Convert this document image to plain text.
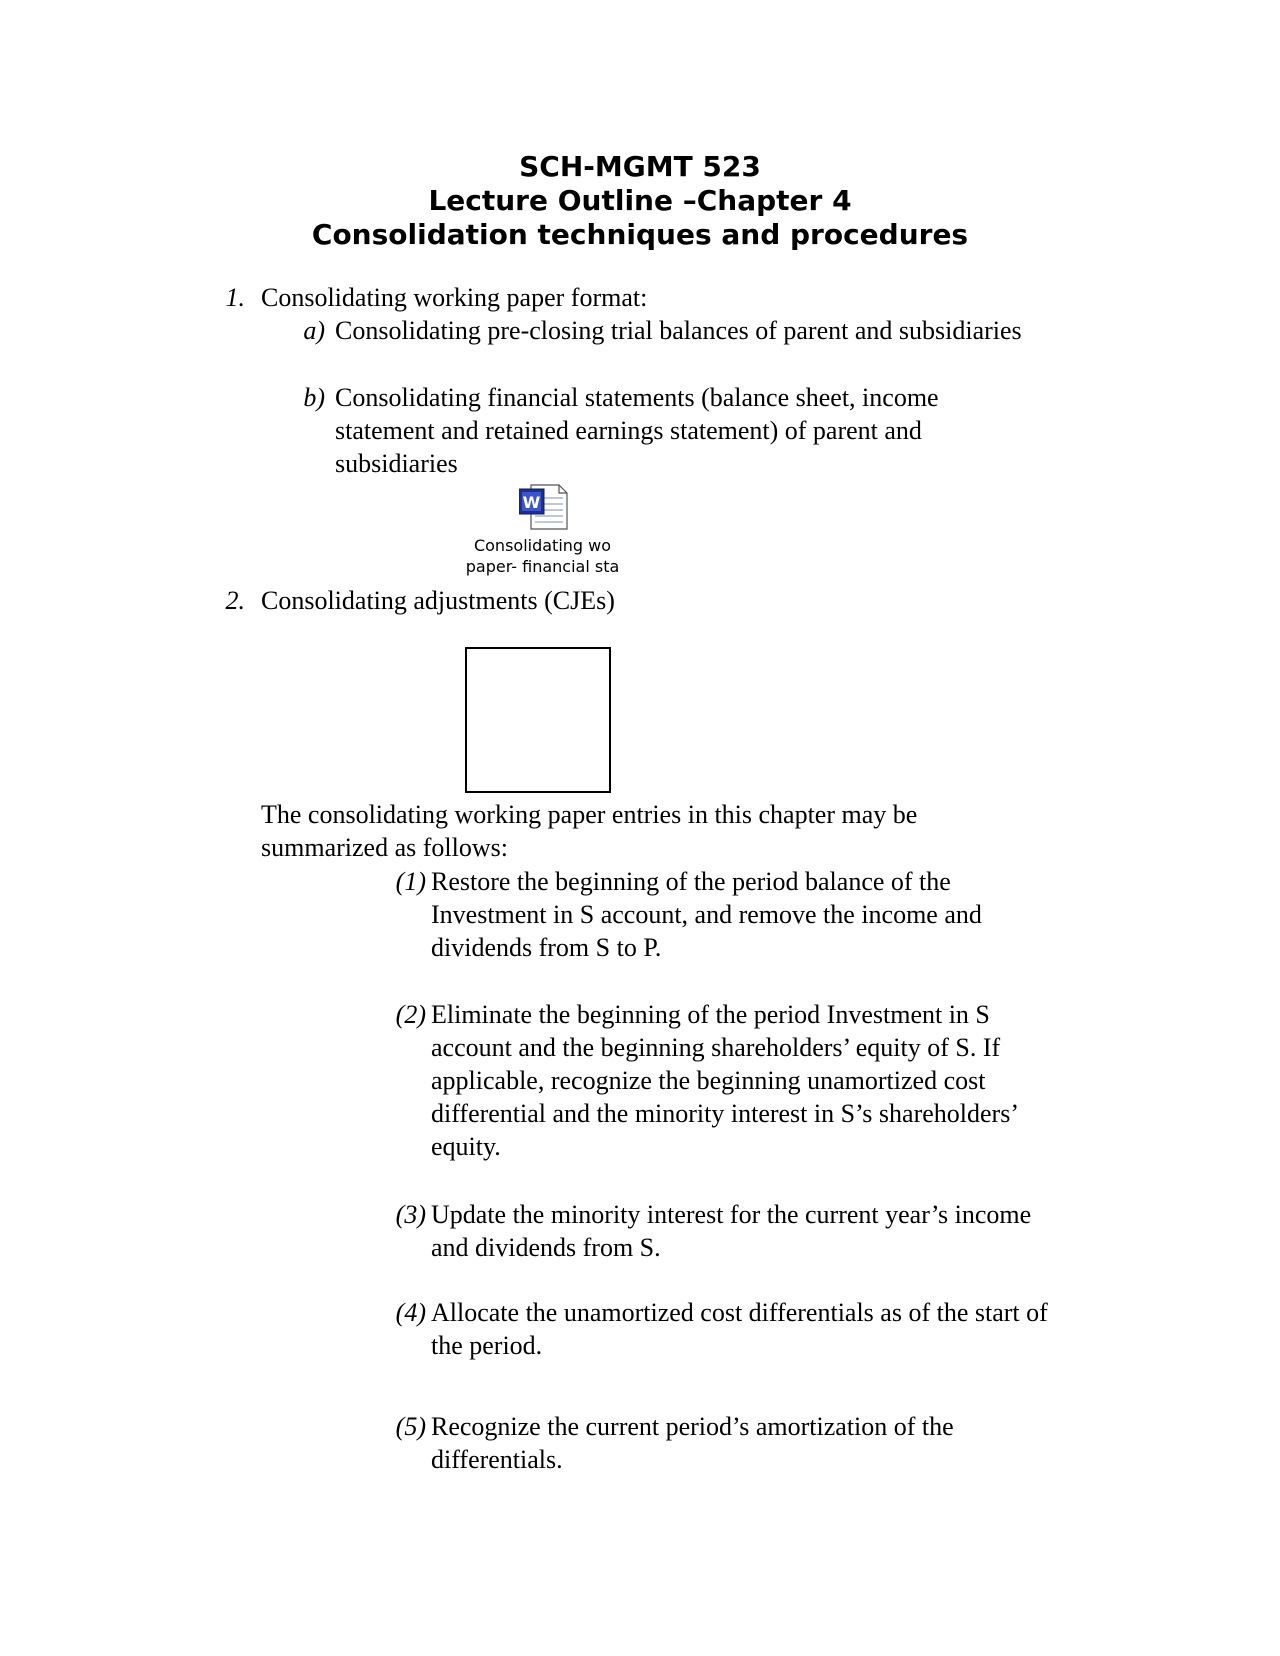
SCH-MGMT 523
Lecture Outline –Chapter 4
Consolidation techniques and procedures
1. Consolidating working paper format:
a) Consolidating pre-closing trial balances of parent and subsidiaries
b) Consolidating financial statements (balance sheet, income statement and retained earnings statement) of parent and subsidiaries
W
Consolidating wo
paper- financial sta
2. Consolidating adjustments (CJEs)
The consolidating working paper entries in this chapter may be summarized as follows:
(1) Restore the beginning of the period balance of the Investment in S account, and remove the income and dividends from S to P.
(2) Eliminate the beginning of the period Investment in S account and the beginning shareholders’ equity of S. If applicable, recognize the beginning unamortized cost differential and the minority interest in S’s shareholders’ equity.
(3) Update the minority interest for the current year’s income and dividends from S.
(4) Allocate the unamortized cost differentials as of the start of the period.
(5) Recognize the current period’s amortization of the differentials.
